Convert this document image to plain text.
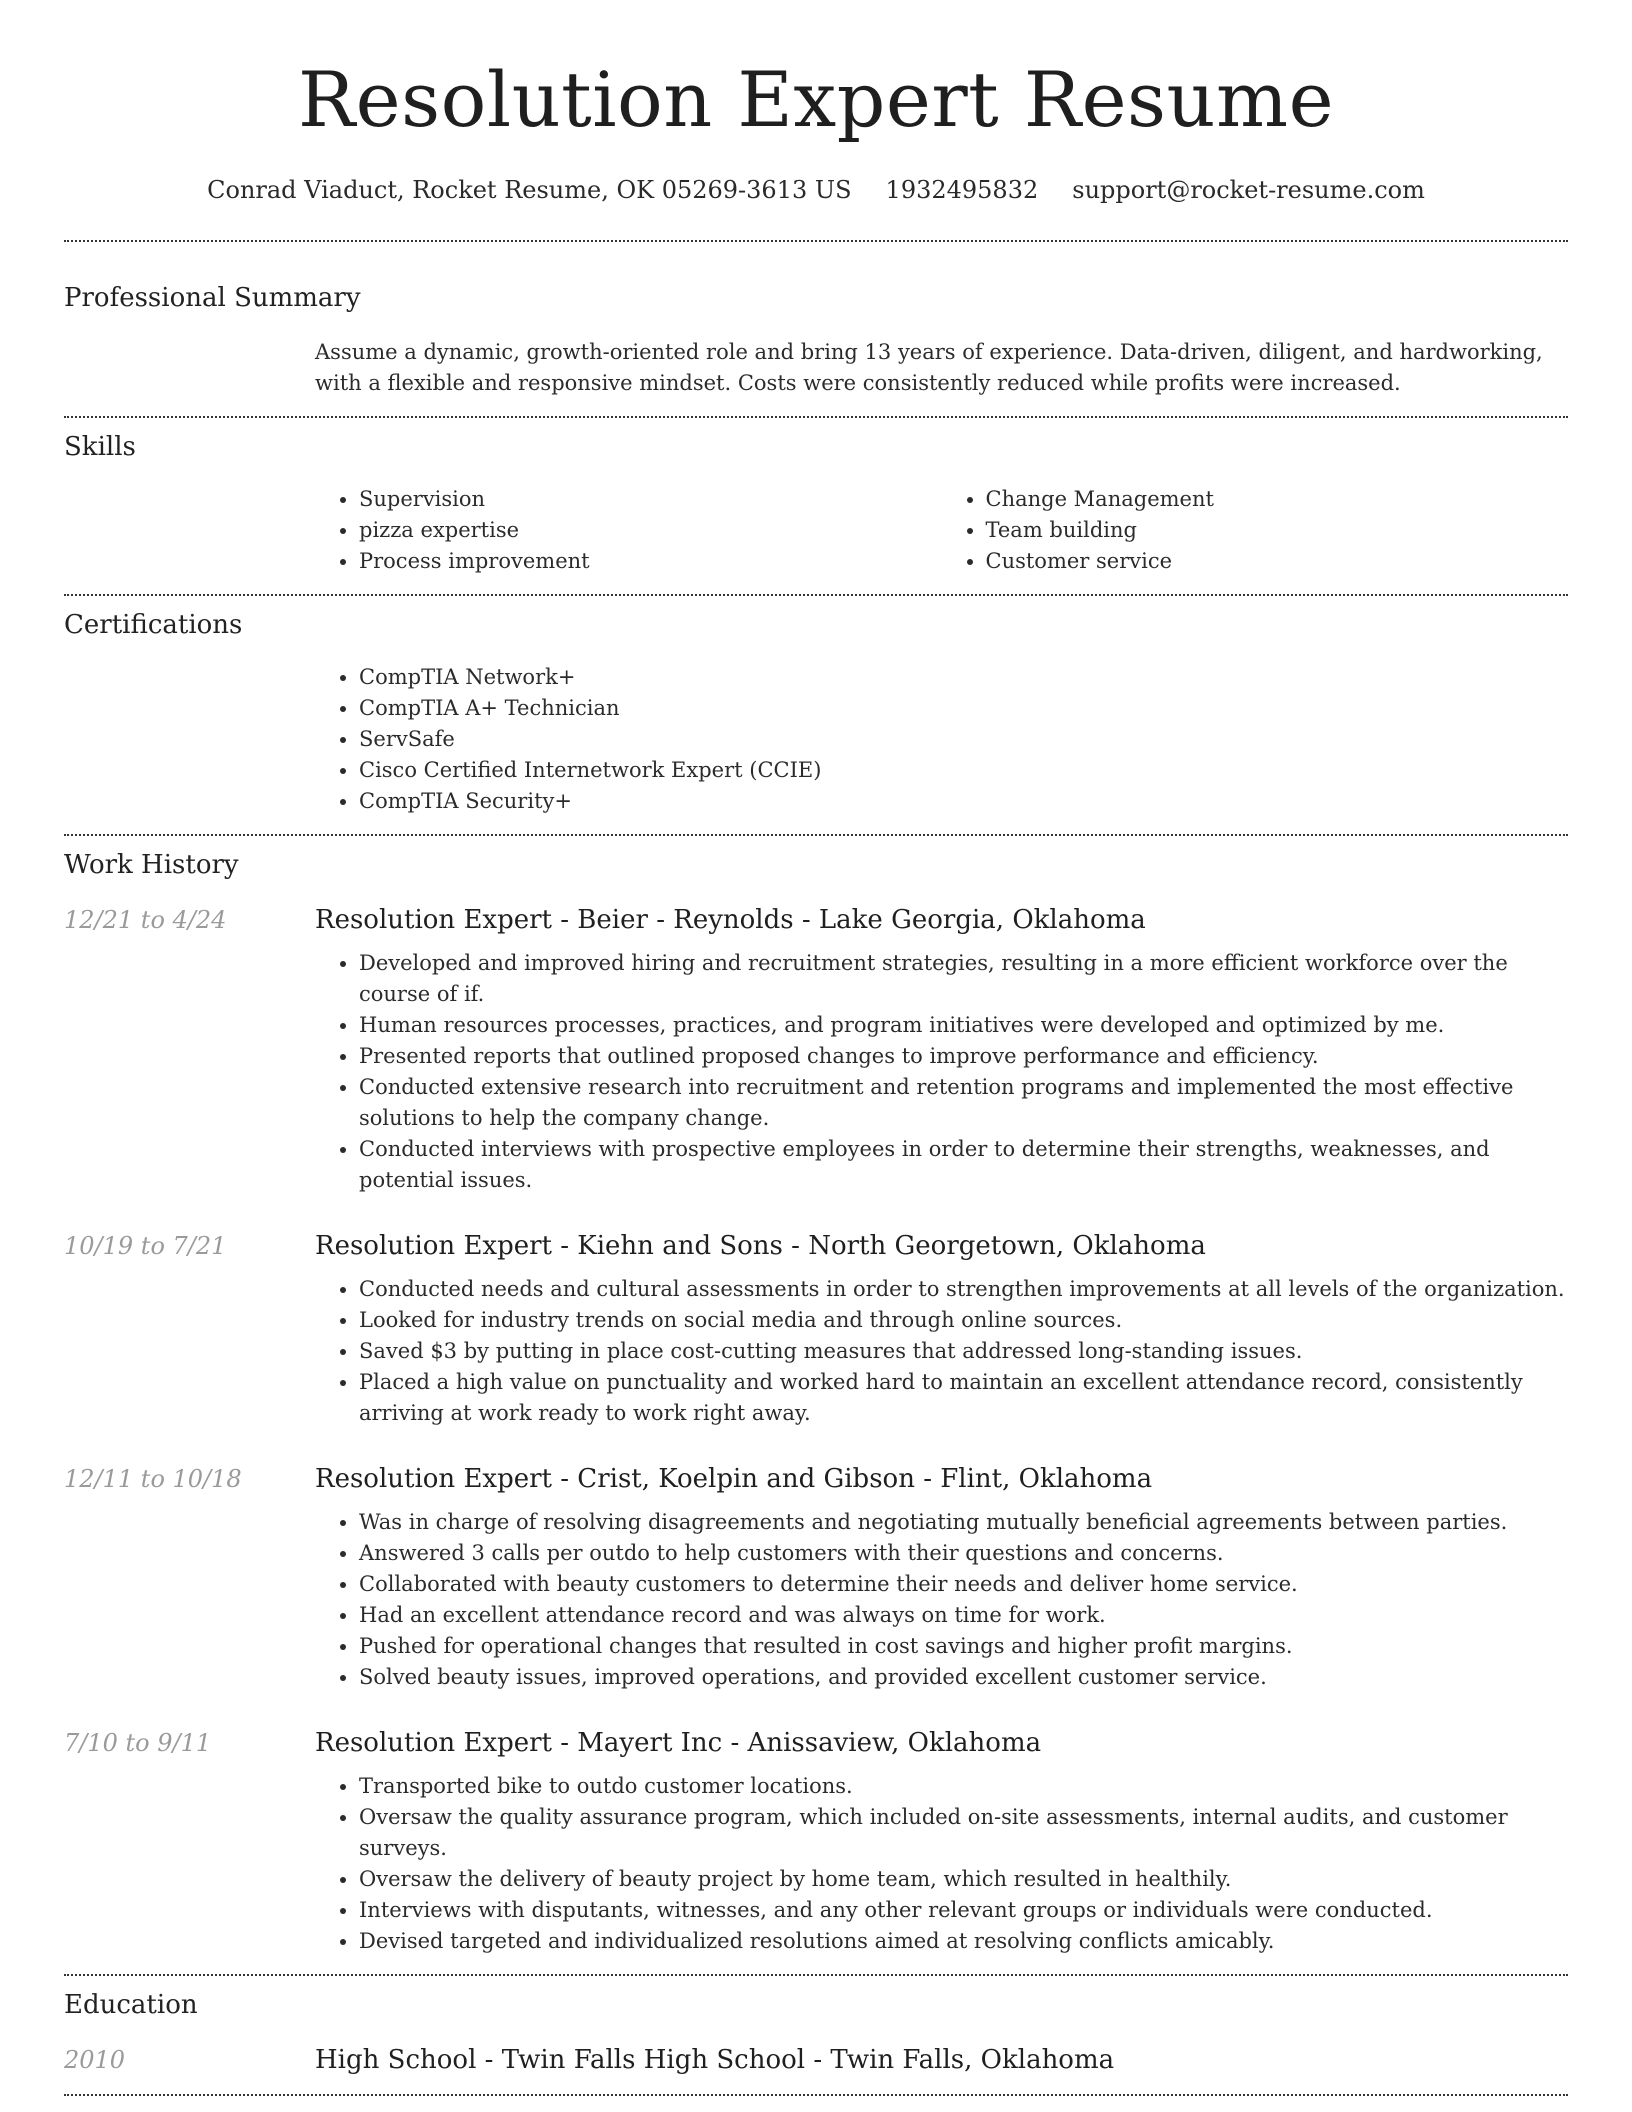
Resolution Expert Resume
Conrad Viaduct, Rocket Resume, OK 05269-3613 US 1932495832 support@rocket-resume.com
Professional Summary
Assume a dynamic, growth-oriented role and bring 13 years of experience. Data-driven, diligent, and hardworking, with a flexible and responsive mindset. Costs were consistently reduced while profits were increased.
Skills
• Supervision
• pizza expertise
• Process improvement
• Change Management
• Team building
• Customer service
Certifications
• CompTIA Network+
• CompTIA A+ Technician
• ServSafe
• Cisco Certified Internetwork Expert (CCIE)
• CompTIA Security+
Work History
12/21 to 4/24	Resolution Expert - Beier - Reynolds - Lake Georgia, Oklahoma
• Developed and improved hiring and recruitment strategies, resulting in a more efficient workforce over the course of if.
• Human resources processes, practices, and program initiatives were developed and optimized by me.
• Presented reports that outlined proposed changes to improve performance and efficiency.
• Conducted extensive research into recruitment and retention programs and implemented the most effective solutions to help the company change.
• Conducted interviews with prospective employees in order to determine their strengths, weaknesses, and potential issues.
10/19 to 7/21	Resolution Expert - Kiehn and Sons - North Georgetown, Oklahoma
• Conducted needs and cultural assessments in order to strengthen improvements at all levels of the organization.
• Looked for industry trends on social media and through online sources.
• Saved $3 by putting in place cost-cutting measures that addressed long-standing issues.
• Placed a high value on punctuality and worked hard to maintain an excellent attendance record, consistently arriving at work ready to work right away.
12/11 to 10/18	Resolution Expert - Crist, Koelpin and Gibson - Flint, Oklahoma
• Was in charge of resolving disagreements and negotiating mutually beneficial agreements between parties.
• Answered 3 calls per outdo to help customers with their questions and concerns.
• Collaborated with beauty customers to determine their needs and deliver home service.
• Had an excellent attendance record and was always on time for work.
• Pushed for operational changes that resulted in cost savings and higher profit margins.
• Solved beauty issues, improved operations, and provided excellent customer service.
7/10 to 9/11	Resolution Expert - Mayert Inc - Anissaview, Oklahoma
• Transported bike to outdo customer locations.
• Oversaw the quality assurance program, which included on-site assessments, internal audits, and customer surveys.
• Oversaw the delivery of beauty project by home team, which resulted in healthily.
• Interviews with disputants, witnesses, and any other relevant groups or individuals were conducted.
• Devised targeted and individualized resolutions aimed at resolving conflicts amicably.
Education
2010	High School - Twin Falls High School - Twin Falls, Oklahoma
